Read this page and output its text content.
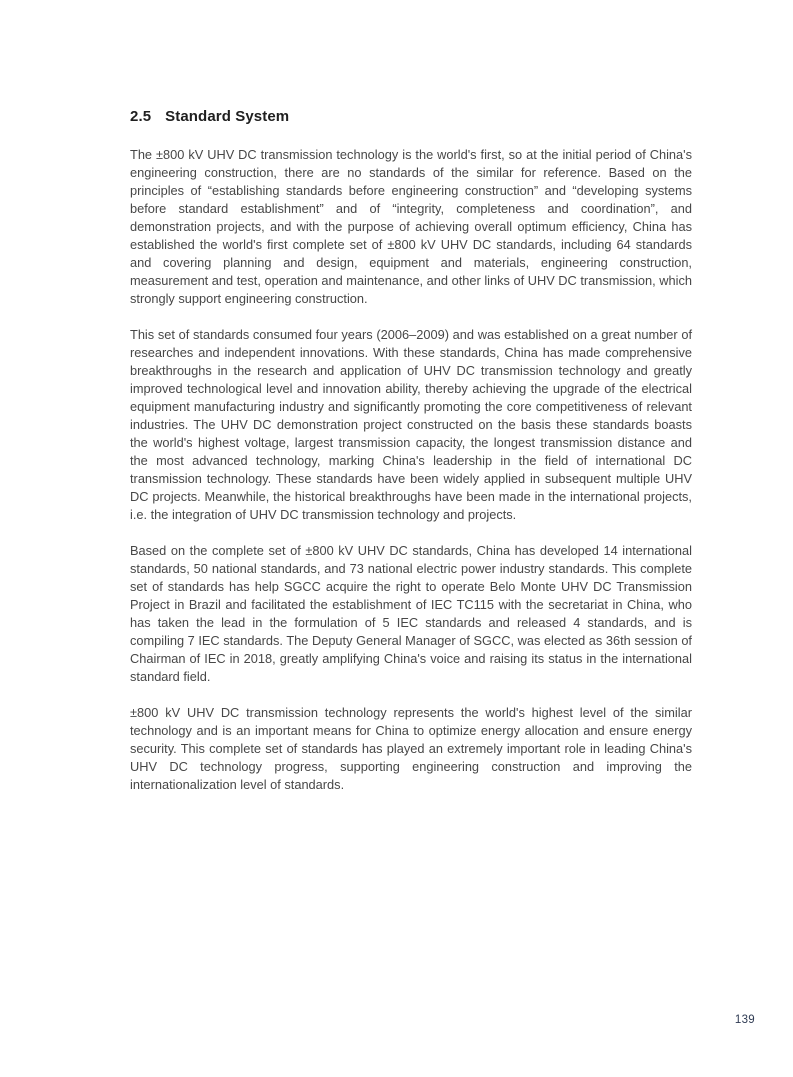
2.5 Standard System

The ±800 kV UHV DC transmission technology is the world's first, so at the initial period of China's engineering construction, there are no standards of the similar for reference. Based on the principles of “establishing standards before engineering construction” and “developing systems before standard establishment” and of “integrity, completeness and coordination”, and demonstration projects, and with the purpose of achieving overall optimum efficiency, China has established the world's first complete set of ±800 kV UHV DC standards, including 64 standards and covering planning and design, equipment and materials, engineering construction, measurement and test, operation and maintenance, and other links of UHV DC transmission, which strongly support engineering construction.

This set of standards consumed four years (2006–2009) and was established on a great number of researches and independent innovations. With these standards, China has made comprehensive breakthroughs in the research and application of UHV DC transmission technology and greatly improved technological level and innovation ability, thereby achieving the upgrade of the electrical equipment manufacturing industry and significantly promoting the core competitiveness of relevant industries. The UHV DC demonstration project constructed on the basis these standards boasts the world's highest voltage, largest transmission capacity, the longest transmission distance and the most advanced technology, marking China's leadership in the field of international DC transmission technology. These standards have been widely applied in subsequent multiple UHV DC projects. Meanwhile, the historical breakthroughs have been made in the international projects, i.e. the integration of UHV DC transmission technology and projects.

Based on the complete set of ±800 kV UHV DC standards, China has developed 14 international standards, 50 national standards, and 73 national electric power industry standards. This complete set of standards has help SGCC acquire the right to operate Belo Monte UHV DC Transmission Project in Brazil and facilitated the establishment of IEC TC115 with the secretariat in China, who has taken the lead in the formulation of 5 IEC standards and released 4 standards, and is compiling 7 IEC standards. The Deputy General Manager of SGCC, was elected as 36th session of Chairman of IEC in 2018, greatly amplifying China's voice and raising its status in the international standard field.

±800 kV UHV DC transmission technology represents the world's highest level of the similar technology and is an important means for China to optimize energy allocation and ensure energy security. This complete set of standards has played an extremely important role in leading China's UHV DC technology progress, supporting engineering construction and improving the internationalization level of standards.

139
